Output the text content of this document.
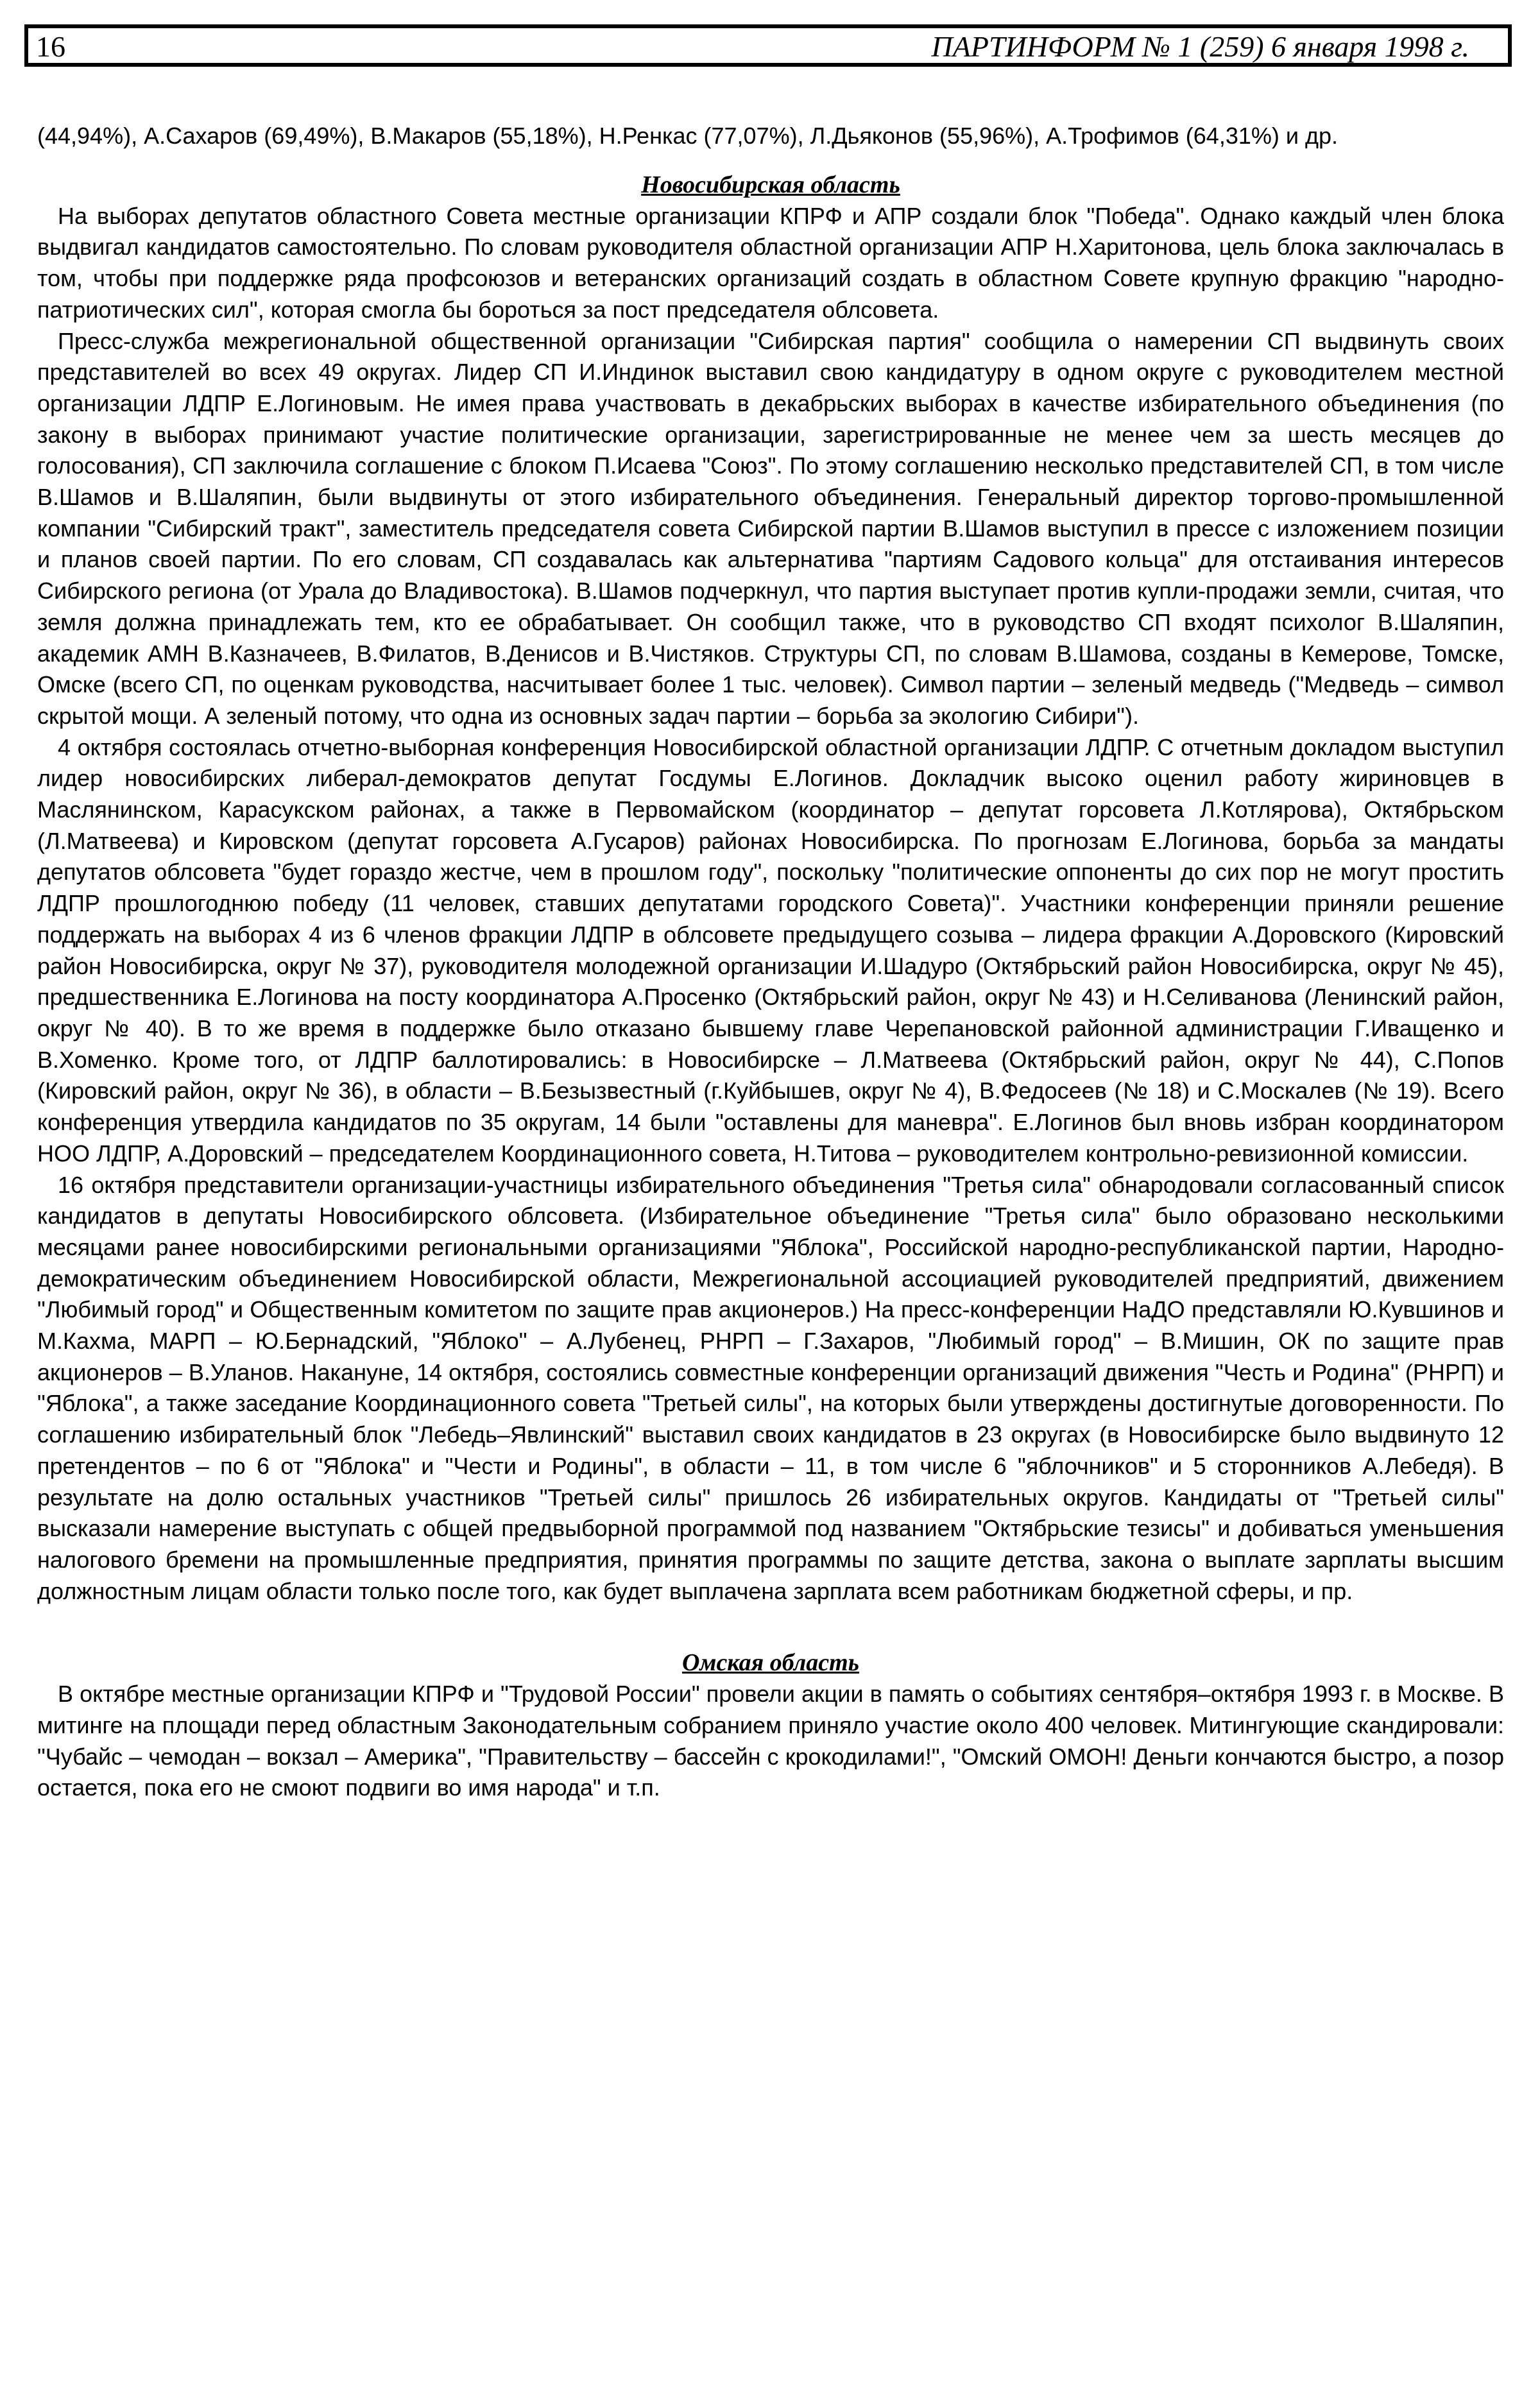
16	ПАРТИНФОРМ № 1 (259) 6 января 1998 г.

(44,94%), А.Сахаров (69,49%), В.Макаров (55,18%), Н.Ренкас (77,07%), Л.Дьяконов (55,96%), А.Трофимов (64,31%) и др.

Новосибирская область

На выборах депутатов областного Совета местные организации КПРФ и АПР создали блок "Победа". Однако каждый член блока выдвигал кандидатов самостоятельно. По словам руководителя областной организации АПР Н.Харитонова, цель блока заключалась в том, чтобы при поддержке ряда профсоюзов и ветеранских организаций создать в областном Совете крупную фракцию "народно-патриотических сил", которая смогла бы бороться за пост председателя облсовета.

Пресс-служба межрегиональной общественной организации "Сибирская партия" сообщила о намерении СП выдвинуть своих представителей во всех 49 округах. Лидер СП И.Индинок выставил свою кандидатуру в одном округе с руководителем местной организации ЛДПР Е.Логиновым. Не имея права участвовать в декабрьских выборах в качестве избирательного объединения (по закону в выборах принимают участие политические организации, зарегистрированные не менее чем за шесть месяцев до голосования), СП заключила соглашение с блоком П.Исаева "Союз". По этому соглашению несколько представителей СП, в том числе В.Шамов и В.Шаляпин, были выдвинуты от этого избирательного объединения. Генеральный директор торгово-промышленной компании "Сибирский тракт", заместитель председателя совета Сибирской партии В.Шамов выступил в прессе с изложением позиции и планов своей партии. По его словам, СП создавалась как альтернатива "партиям Садового кольца" для отстаивания интересов Сибирского региона (от Урала до Владивостока). В.Шамов подчеркнул, что партия выступает против купли-продажи земли, считая, что земля должна принадлежать тем, кто ее обрабатывает. Он сообщил также, что в руководство СП входят психолог В.Шаляпин, академик АМН В.Казначеев, В.Филатов, В.Денисов и В.Чистяков. Структуры СП, по словам В.Шамова, созданы в Кемерове, Томске, Омске (всего СП, по оценкам руководства, насчитывает более 1 тыс. человек). Символ партии – зеленый медведь ("Медведь – символ скрытой мощи. А зеленый потому, что одна из основных задач партии – борьба за экологию Сибири").

4 октября состоялась отчетно-выборная конференция Новосибирской областной организации ЛДПР. С отчетным докладом выступил лидер новосибирских либерал-демократов депутат Госдумы Е.Логинов. Докладчик высоко оценил работу жириновцев в Маслянинском, Карасукском районах, а также в Первомайском (координатор – депутат горсовета Л.Котлярова), Октябрьском (Л.Матвеева) и Кировском (депутат горсовета А.Гусаров) районах Новосибирска. По прогнозам Е.Логинова, борьба за мандаты депутатов облсовета "будет гораздо жестче, чем в прошлом году", поскольку "политические оппоненты до сих пор не могут простить ЛДПР прошлогоднюю победу (11 человек, ставших депутатами городского Совета)". Участники конференции приняли решение поддержать на выборах 4 из 6 членов фракции ЛДПР в облсовете предыдущего созыва – лидера фракции А.Доровского (Кировский район Новосибирска, округ № 37), руководителя молодежной организации И.Шадуро (Октябрьский район Новосибирска, округ № 45), предшественника Е.Логинова на посту координатора А.Просенко (Октябрьский район, округ № 43) и Н.Селиванова (Ленинский район, округ № 40). В то же время в поддержке было отказано бывшему главе Черепановской районной администрации Г.Иващенко и В.Хоменко. Кроме того, от ЛДПР баллотировались: в Новосибирске – Л.Матвеева (Октябрьский район, округ № 44), С.Попов (Кировский район, округ № 36), в области – В.Безызвестный (г.Куйбышев, округ № 4), В.Федосеев (№ 18) и С.Москалев (№ 19). Всего конференция утвердила кандидатов по 35 округам, 14 были "оставлены для маневра". Е.Логинов был вновь избран координатором НОО ЛДПР, А.Доровский – председателем Координационного совета, Н.Титова – руководителем контрольно-ревизионной комиссии.

16 октября представители организации-участницы избирательного объединения "Третья сила" обнародовали согласованный список кандидатов в депутаты Новосибирского облсовета. (Избирательное объединение "Третья сила" было образовано несколькими месяцами ранее новосибирскими региональными организациями "Яблока", Российской народно-республиканской партии, Народно-демократическим объединением Новосибирской области, Межрегиональной ассоциацией руководителей предприятий, движением "Любимый город" и Общественным комитетом по защите прав акционеров.) На пресс-конференции НаДО представляли Ю.Кувшинов и М.Кахма, МАРП – Ю.Бернадский, "Яблоко" – А.Лубенец, РНРП – Г.Захаров, "Любимый город" – В.Мишин, ОК по защите прав акционеров – В.Уланов. Накануне, 14 октября, состоялись совместные конференции организаций движения "Честь и Родина" (РНРП) и "Яблока", а также заседание Координационного совета "Третьей силы", на которых были утверждены достигнутые договоренности. По соглашению избирательный блок "Лебедь–Явлинский" выставил своих кандидатов в 23 округах (в Новосибирске было выдвинуто 12 претендентов – по 6 от "Яблока" и "Чести и Родины", в области – 11, в том числе 6 "яблочников" и 5 сторонников А.Лебедя). В результате на долю остальных участников "Третьей силы" пришлось 26 избирательных округов. Кандидаты от "Третьей силы" высказали намерение выступать с общей предвыборной программой под названием "Октябрьские тезисы" и добиваться уменьшения налогового бремени на промышленные предприятия, принятия программы по защите детства, закона о выплате зарплаты высшим должностным лицам области только после того, как будет выплачена зарплата всем работникам бюджетной сферы, и пр.

Омская область

В октябре местные организации КПРФ и "Трудовой России" провели акции в память о событиях сентября–октября 1993 г. в Москве. В митинге на площади перед областным Законодательным собранием приняло участие около 400 человек. Митингующие скандировали: "Чубайс – чемодан – вокзал – Америка", "Правительству – бассейн с крокодилами!", "Омский ОМОН! Деньги кончаются быстро, а позор остается, пока его не смоют подвиги во имя народа" и т.п.
